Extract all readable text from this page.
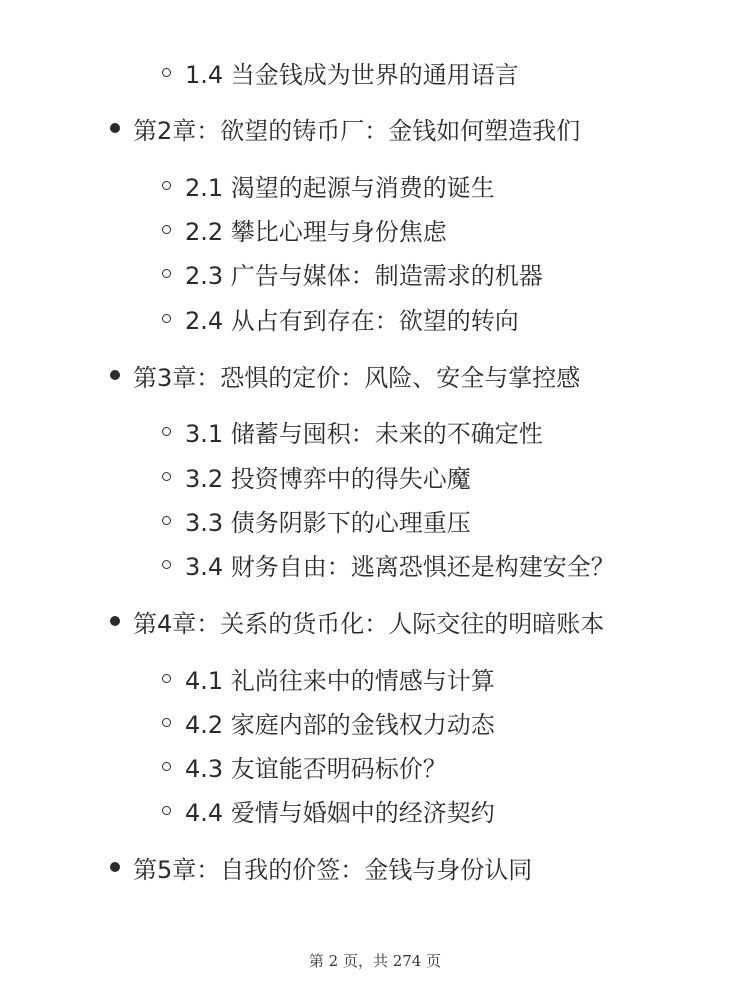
1.4 当金钱成为世界的通用语言
第2章：欲望的铸币厂：金钱如何塑造我们
2.1 渴望的起源与消费的诞生
2.2 攀比心理与身份焦虑
2.3 广告与媒体：制造需求的机器
2.4 从占有到存在：欲望的转向
第3章：恐惧的定价：风险、安全与掌控感
3.1 储蓄与囤积：未来的不确定性
3.2 投资博弈中的得失心魔
3.3 债务阴影下的心理重压
3.4 财务自由：逃离恐惧还是构建安全？
第4章：关系的货币化：人际交往的明暗账本
4.1 礼尚往来中的情感与计算
4.2 家庭内部的金钱权力动态
4.3 友谊能否明码标价？
4.4 爱情与婚姻中的经济契约
第5章：自我的价签：金钱与身份认同
第 2 页，共 274 页
